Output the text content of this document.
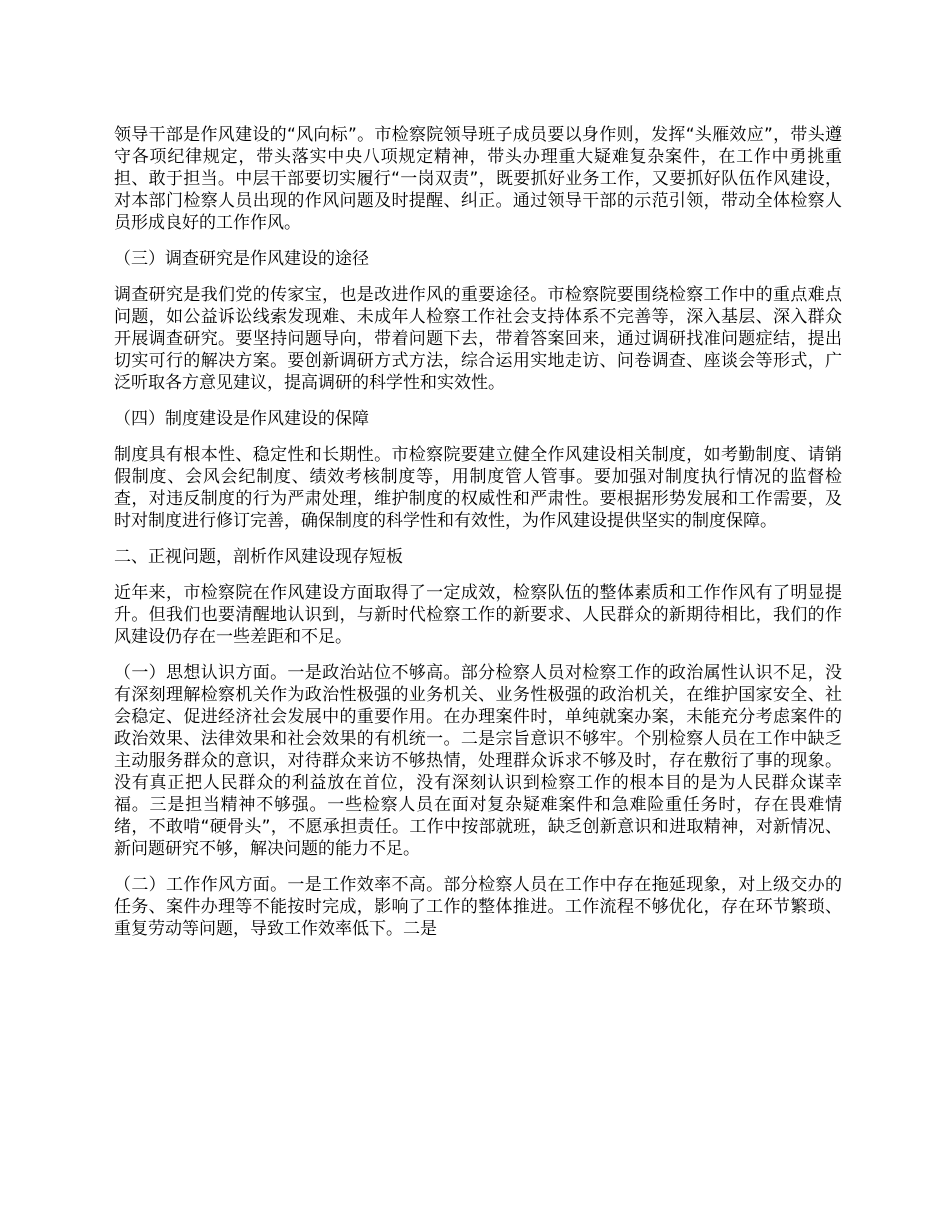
领导干部是作风建设的“风向标”。市检察院领导班子成员要以身作则，发挥“头雁效应”，带头遵守各项纪律规定，带头落实中央八项规定精神，带头办理重大疑难复杂案件，在工作中勇挑重担、敢于担当。中层干部要切实履行“一岗双责”，既要抓好业务工作，又要抓好队伍作风建设，对本部门检察人员出现的作风问题及时提醒、纠正。通过领导干部的示范引领，带动全体检察人员形成良好的工作作风。

（三）调查研究是作风建设的途径

调查研究是我们党的传家宝，也是改进作风的重要途径。市检察院要围绕检察工作中的重点难点问题，如公益诉讼线索发现难、未成年人检察工作社会支持体系不完善等，深入基层、深入群众开展调查研究。要坚持问题导向，带着问题下去，带着答案回来，通过调研找准问题症结，提出切实可行的解决方案。要创新调研方式方法，综合运用实地走访、问卷调查、座谈会等形式，广泛听取各方意见建议，提高调研的科学性和实效性。

（四）制度建设是作风建设的保障

制度具有根本性、稳定性和长期性。市检察院要建立健全作风建设相关制度，如考勤制度、请销假制度、会风会纪制度、绩效考核制度等，用制度管人管事。要加强对制度执行情况的监督检查，对违反制度的行为严肃处理，维护制度的权威性和严肃性。要根据形势发展和工作需要，及时对制度进行修订完善，确保制度的科学性和有效性，为作风建设提供坚实的制度保障。

二、正视问题，剖析作风建设现存短板

近年来，市检察院在作风建设方面取得了一定成效，检察队伍的整体素质和工作作风有了明显提升。但我们也要清醒地认识到，与新时代检察工作的新要求、人民群众的新期待相比，我们的作风建设仍存在一些差距和不足。

（一）思想认识方面。一是政治站位不够高。部分检察人员对检察工作的政治属性认识不足，没有深刻理解检察机关作为政治性极强的业务机关、业务性极强的政治机关，在维护国家安全、社会稳定、促进经济社会发展中的重要作用。在办理案件时，单纯就案办案，未能充分考虑案件的政治效果、法律效果和社会效果的有机统一。二是宗旨意识不够牢。个别检察人员在工作中缺乏主动服务群众的意识，对待群众来访不够热情，处理群众诉求不够及时，存在敷衍了事的现象。没有真正把人民群众的利益放在首位，没有深刻认识到检察工作的根本目的是为人民群众谋幸福。三是担当精神不够强。一些检察人员在面对复杂疑难案件和急难险重任务时，存在畏难情绪，不敢啃“硬骨头”，不愿承担责任。工作中按部就班，缺乏创新意识和进取精神，对新情况、新问题研究不够，解决问题的能力不足。

（二）工作作风方面。一是工作效率不高。部分检察人员在工作中存在拖延现象，对上级交办的任务、案件办理等不能按时完成，影响了工作的整体推进。工作流程不够优化，存在环节繁琐、重复劳动等问题，导致工作效率低下。二是
